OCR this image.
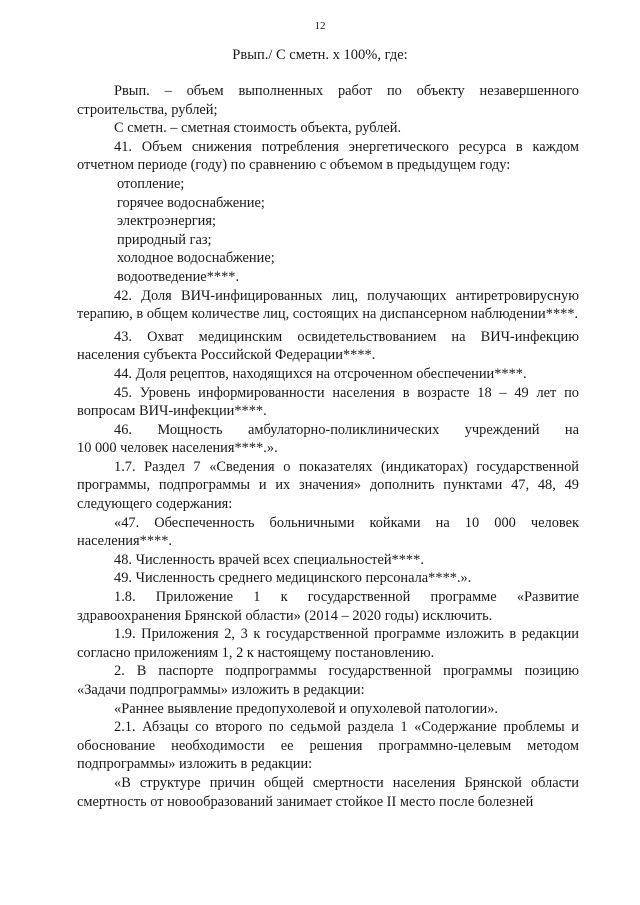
12
Рвып./ С сметн. х 100%, где:

Рвып. – объем выполненных работ по объекту незавершенного строительства, рублей;

С сметн. – сметная стоимость объекта, рублей.

41. Объем снижения потребления энергетического ресурса в каждом отчетном периоде (году) по сравнению с объемом в предыдущем году:

отопление;

горячее водоснабжение;

электроэнергия;

природный газ;

холодное водоснабжение;

водоотведение****.

42. Доля ВИЧ-инфицированных лиц, получающих антиретровирусную терапию, в общем количестве лиц, состоящих на диспансерном наблюдении****.

43. Охват медицинским освидетельствованием на ВИЧ-инфекцию населения субъекта Российской Федерации****.

44. Доля рецептов, находящихся на отсроченном обеспечении****.

45. Уровень информированности населения в возрасте 18 – 49 лет по вопросам ВИЧ-инфекции****.

46. Мощность амбулаторно-поликлинических учреждений на

10 000 человек населения****.».

1.7. Раздел 7 «Сведения о показателях (индикаторах) государственной программы, подпрограммы и их значения» дополнить пунктами 47, 48, 49 следующего содержания:

«47. Обеспеченность больничными койками на 10 000 человек населения****.

48. Численность врачей всех специальностей****.

49. Численность среднего медицинского персонала****.».

1.8. Приложение 1 к государственной программе «Развитие здравоохранения Брянской области» (2014 – 2020 годы) исключить.

1.9. Приложения 2, 3 к государственной программе изложить в редакции согласно приложениям 1, 2 к настоящему постановлению.

2. В паспорте подпрограммы государственной программы позицию «Задачи подпрограммы» изложить в редакции:

«Раннее выявление предопухолевой и опухолевой патологии».

2.1. Абзацы со второго по седьмой раздела 1 «Содержание проблемы и обоснование необходимости ее решения программно-целевым методом подпрограммы» изложить в редакции:

«В структуре причин общей смертности населения Брянской области смертность от новообразований занимает стойкое II место после болезней
